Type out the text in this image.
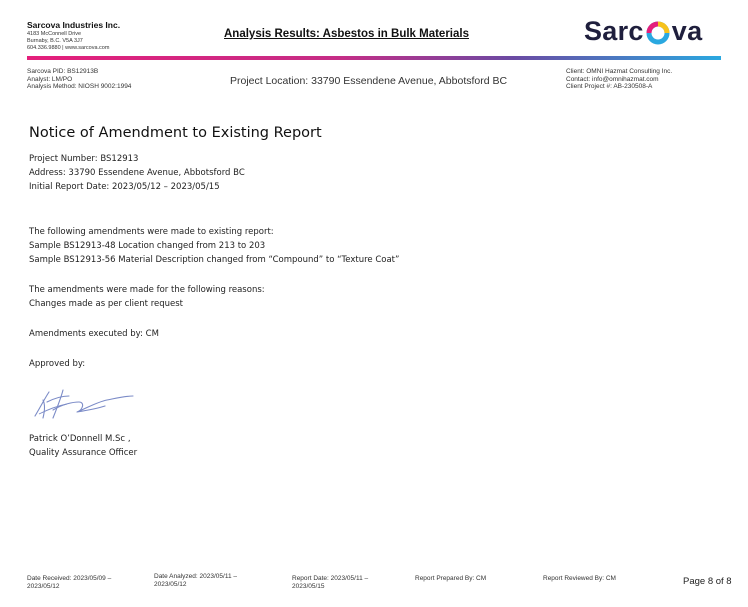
Sarcova Industries Inc.
4183 McConnell Drive
Burnaby, B.C. V5A 3J7
604.336.9880 | www.sarcova.com
Analysis Results: Asbestos in Bulk Materials	Sarc va
Sarcova PID: BS12913B
Analyst: LM/PO
Analysis Method: NIOSH 9002:1994	Project Location: 33790 Essendene Avenue, Abbotsford BC
Client: OMNI Hazmat Consulting Inc.
Contact: info@omnihazmat.com
Client Project #: AB-230508-A
Notice of Amendment to Existing Report
Project Number: BS12913
Address: 33790 Essendene Avenue, Abbotsford BC
Initial Report Date: 2023/05/12 – 2023/05/15
The following amendments were made to existing report:
Sample BS12913-48 Location changed from 213 to 203
Sample BS12913-56 Material Description changed from “Compound” to “Texture Coat”
The amendments were made for the following reasons:
Changes made as per client request
Amendments executed by: CM
Approved by:
Patrick O’Donnell M.Sc ,
Quality Assurance Officer
Date Received: 2023/05/09 –
2023/05/12
Date Analyzed: 2023/05/11 –
2023/05/12
Report Date: 2023/05/11 –
2023/05/15
Report Prepared By: CM	Report Reviewed By: CM	Page 8 of 8
